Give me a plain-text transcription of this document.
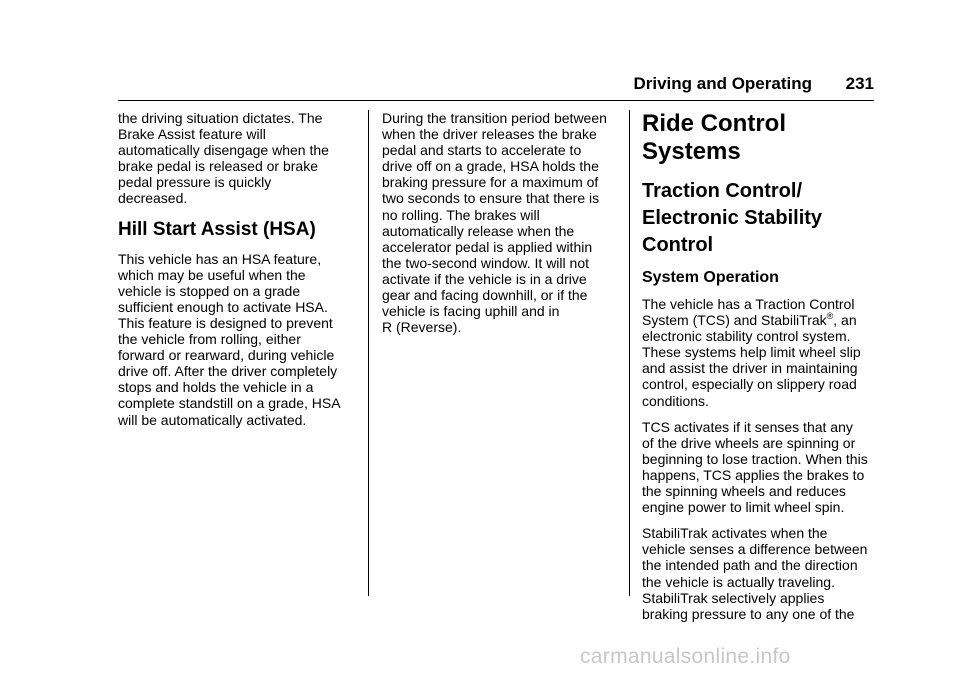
Driving and Operating 231

the driving situation dictates. The
Brake Assist feature will
automatically disengage when the
brake pedal is released or brake
pedal pressure is quickly
decreased.

Hill Start Assist (HSA)

This vehicle has an HSA feature,
which may be useful when the
vehicle is stopped on a grade
sufficient enough to activate HSA.
This feature is designed to prevent
the vehicle from rolling, either
forward or rearward, during vehicle
drive off. After the driver completely
stops and holds the vehicle in a
complete standstill on a grade, HSA
will be automatically activated.

During the transition period between
when the driver releases the brake
pedal and starts to accelerate to
drive off on a grade, HSA holds the
braking pressure for a maximum of
two seconds to ensure that there is
no rolling. The brakes will
automatically release when the
accelerator pedal is applied within
the two-second window. It will not
activate if the vehicle is in a drive
gear and facing downhill, or if the
vehicle is facing uphill and in
R (Reverse).

Ride Control Systems
Traction Control/
Electronic Stability
Control
System Operation

The vehicle has a Traction Control
System (TCS) and StabiliTrak®, an
electronic stability control system.
These systems help limit wheel slip
and assist the driver in maintaining
control, especially on slippery road
conditions.

TCS activates if it senses that any
of the drive wheels are spinning or
beginning to lose traction. When this
happens, TCS applies the brakes to
the spinning wheels and reduces
engine power to limit wheel spin.

StabiliTrak activates when the
vehicle senses a difference between
the intended path and the direction
the vehicle is actually traveling.
StabiliTrak selectively applies
braking pressure to any one of the

carmanualsonline.info
